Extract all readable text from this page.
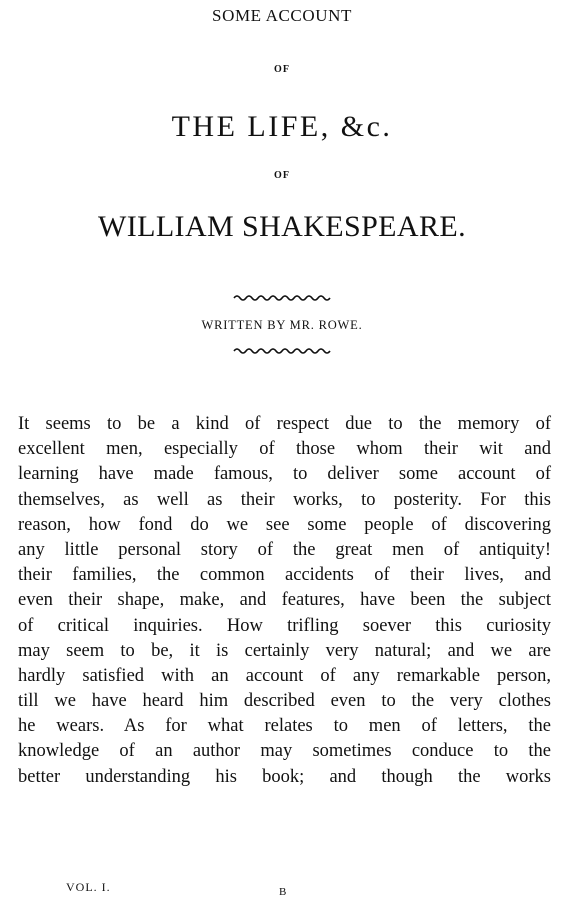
SOME ACCOUNT
OF
THE LIFE, &c.
OF
WILLIAM SHAKESPEARE.
WRITTEN BY MR. ROWE.
It seems to be a kind of respect due to the memory of
excellent men, especially of those whom their wit and
learning have made famous, to deliver some account of
themselves, as well as their works, to posterity. For this
reason, how fond do we see some people of discovering
any little personal story of the great men of antiquity!
their families, the common accidents of their lives, and
even their shape, make, and features, have been the subject
of critical inquiries. How trifling soever this curiosity
may seem to be, it is certainly very natural; and we are
hardly satisfied with an account of any remarkable person,
till we have heard him described even to the very clothes
he wears. As for what relates to men of letters, the
knowledge of an author may sometimes conduce to the
better understanding his book; and though the works
VOL. I.	B
